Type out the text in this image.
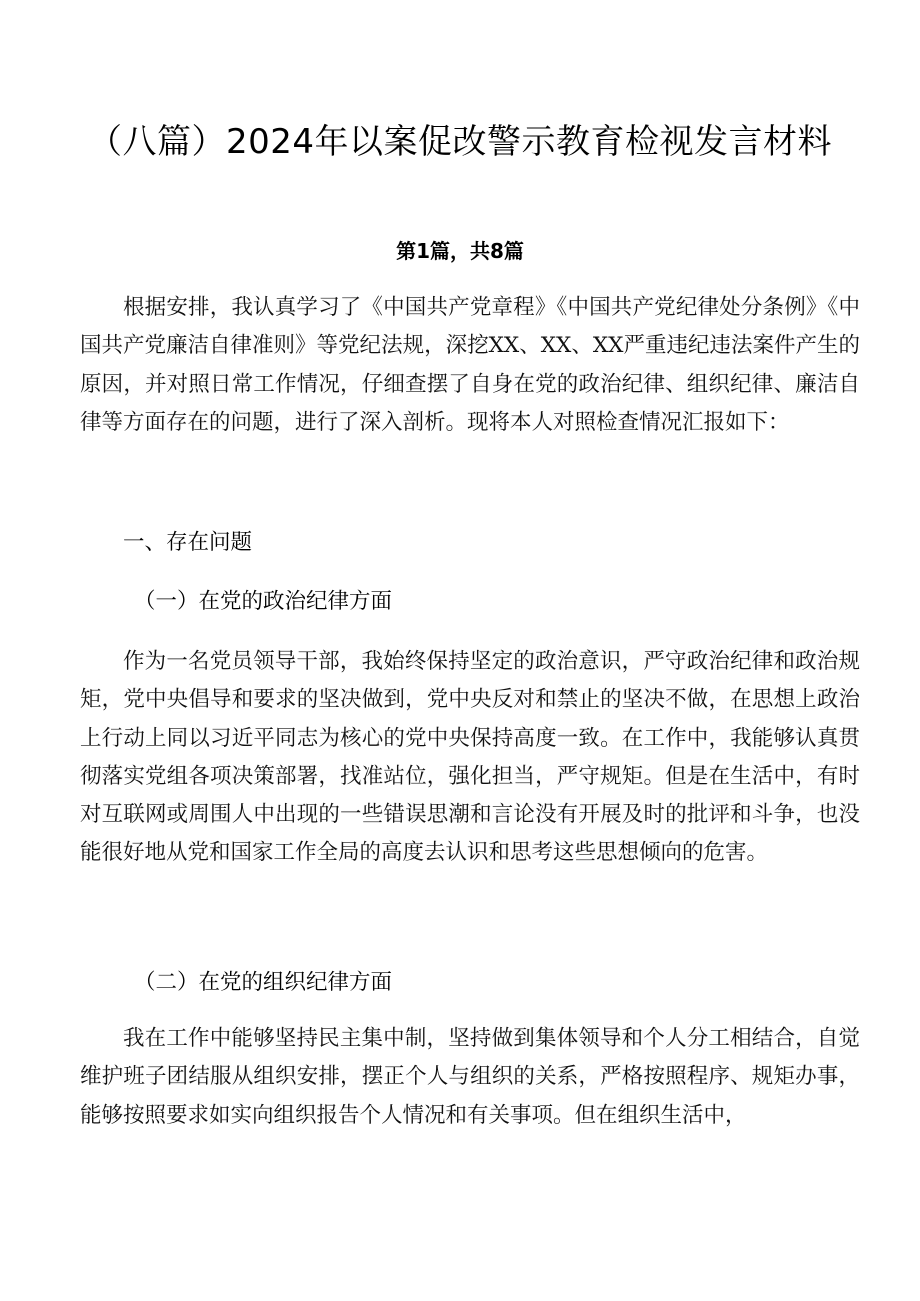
（八篇）2024年以案促改警示教育检视发言材料
第1篇，共8篇

根据安排，我认真学习了《中国共产党章程》《中国共产党纪律处分条例》《中国共产党廉洁自律准则》等党纪法规，深挖XX、XX、XX严重违纪违法案件产生的原因，并对照日常工作情况，仔细查摆了自身在党的政治纪律、组织纪律、廉洁自律等方面存在的问题，进行了深入剖析。现将本人对照检查情况汇报如下：

一、存在问题

（一）在党的政治纪律方面

作为一名党员领导干部，我始终保持坚定的政治意识，严守政治纪律和政治规矩，党中央倡导和要求的坚决做到，党中央反对和禁止的坚决不做，在思想上政治上行动上同以习近平同志为核心的党中央保持高度一致。在工作中，我能够认真贯彻落实党组各项决策部署，找准站位，强化担当，严守规矩。但是在生活中，有时对互联网或周围人中出现的一些错误思潮和言论没有开展及时的批评和斗争，也没能很好地从党和国家工作全局的高度去认识和思考这些思想倾向的危害。

（二）在党的组织纪律方面

我在工作中能够坚持民主集中制，坚持做到集体领导和个人分工相结合，自觉维护班子团结服从组织安排，摆正个人与组织的关系，严格按照程序、规矩办事，能够按照要求如实向组织报告个人情况和有关事项。但在组织生活中，
